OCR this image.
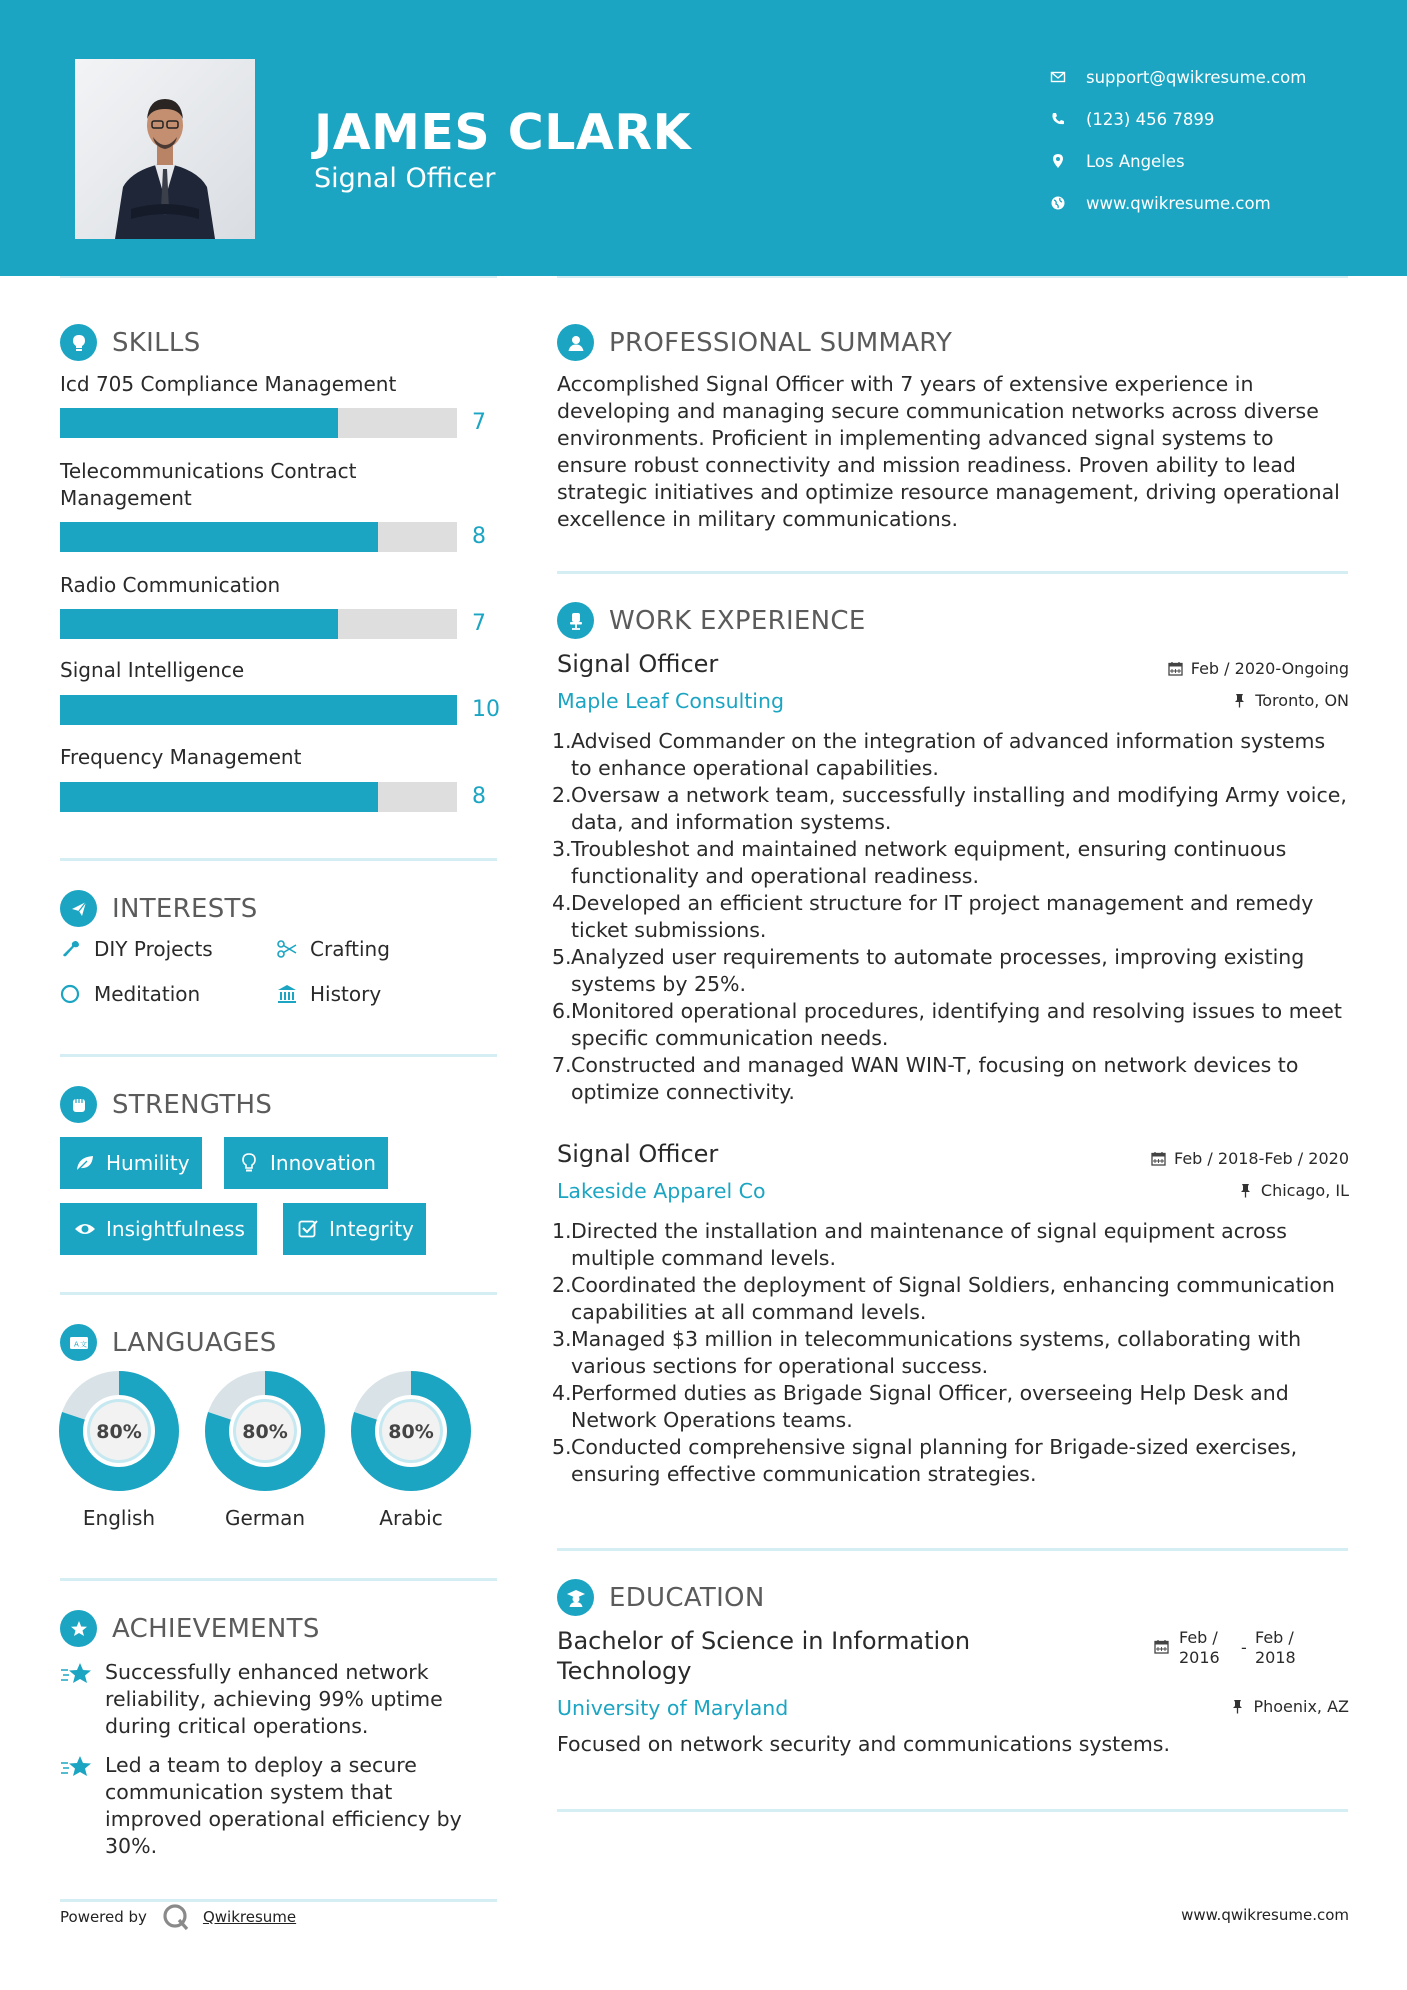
JAMES CLARK
Signal Officer
support@qwikresume.com
(123) 456 7899
Los Angeles
www.qwikresume.com
SKILLS
Icd 705 Compliance Management
7
Telecommunications Contract Management
8
Radio Communication
7
Signal Intelligence
10
Frequency Management
8
INTERESTS
DIY Projects	Crafting
Meditation	History
STRENGTHS
Humility	Innovation
Insightfulness	Integrity
A 文 LANGUAGES
80%
English
80%
German
80%
Arabic
ACHIEVEMENTS
Successfully enhanced network reliability, achieving 99% uptime during critical operations.
Led a team to deploy a secure communication system that improved operational efficiency by 30%.
PROFESSIONAL SUMMARY
Accomplished Signal Officer with 7 years of extensive experience in developing and managing secure communication networks across diverse environments. Proficient in implementing advanced signal systems to ensure robust connectivity and mission readiness. Proven ability to lead strategic initiatives and optimize resource management, driving operational excellence in military communications.
WORK EXPERIENCE
Signal Officer	Feb / 2020-Ongoing
Maple Leaf Consulting	Toronto, ON
1. Advised Commander on the integration of advanced information systems to enhance operational capabilities.
2. Oversaw a network team, successfully installing and modifying Army voice, data, and information systems.
3. Troubleshot and maintained network equipment, ensuring continuous functionality and operational readiness.
4. Developed an efficient structure for IT project management and remedy ticket submissions.
5. Analyzed user requirements to automate processes, improving existing systems by 25%.
6. Monitored operational procedures, identifying and resolving issues to meet specific communication needs.
7. Constructed and managed WAN WIN-T, focusing on network devices to optimize connectivity.
Signal Officer	Feb / 2018-Feb / 2020
Lakeside Apparel Co	Chicago, IL
1. Directed the installation and maintenance of signal equipment across multiple command levels.
2. Coordinated the deployment of Signal Soldiers, enhancing communication capabilities at all command levels.
3. Managed $3 million in telecommunications systems, collaborating with various sections for operational success.
4. Performed duties as Brigade Signal Officer, overseeing Help Desk and Network Operations teams.
5. Conducted comprehensive signal planning for Brigade-sized exercises, ensuring effective communication strategies.
EDUCATION
Bachelor of Science in Information Technology
Feb / 2016
-
Feb / 2018
University of Maryland	Phoenix, AZ
Focused on network security and communications systems.
Powered by	Qwikresume	www.qwikresume.com
